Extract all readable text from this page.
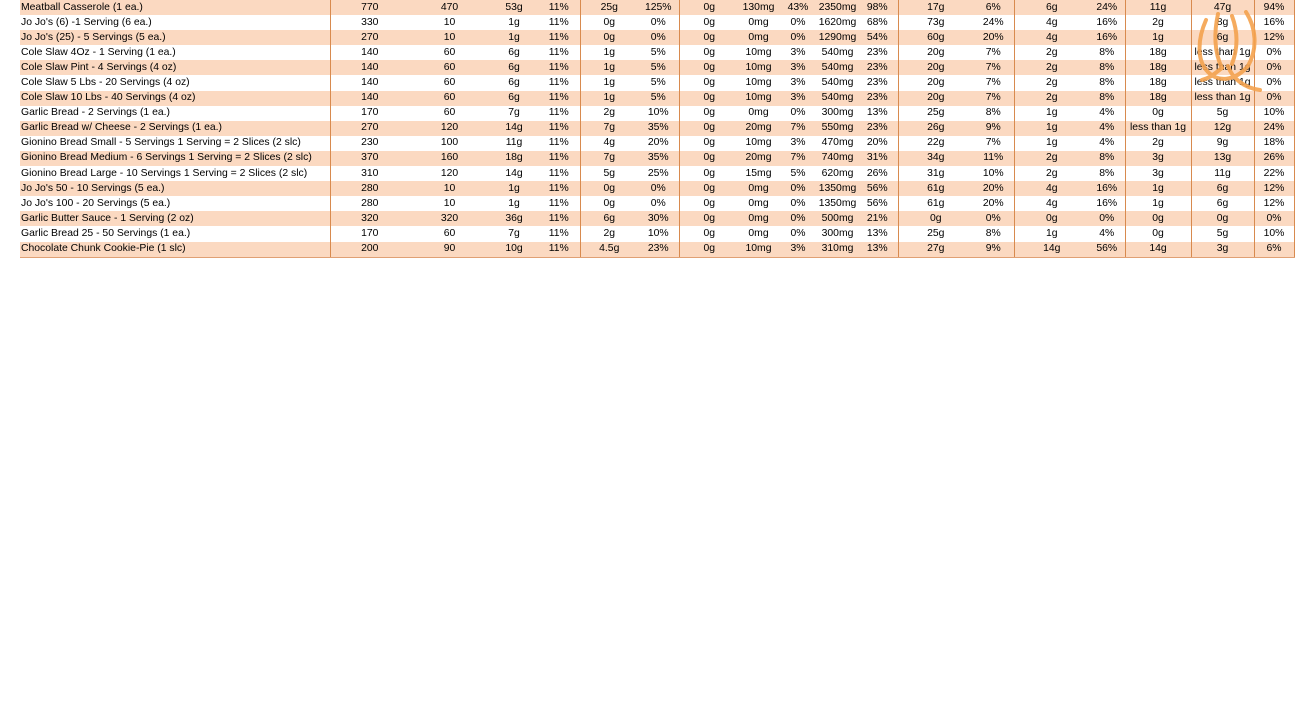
Meatball Casserole (1 ea.)	770	470	53g	11%	25g	125%	0g	130mg	43%	2350mg	98%	17g	6%	6g	24%	11g	47g	94%
Jo Jo's (6) -1 Serving (6 ea.)	330	10	1g	11%	0g	0%	0g	0mg	0%	1620mg	68%	73g	24%	4g	16%	2g	8g	16%
Jo Jo's (25) - 5 Servings (5 ea.)	270	10	1g	11%	0g	0%	0g	0mg	0%	1290mg	54%	60g	20%	4g	16%	1g	6g	12%
Cole Slaw 4Oz - 1 Serving (1 ea.)	140	60	6g	11%	1g	5%	0g	10mg	3%	540mg	23%	20g	7%	2g	8%	18g	less than 1g	0%
Cole Slaw Pint - 4 Servings (4 oz)	140	60	6g	11%	1g	5%	0g	10mg	3%	540mg	23%	20g	7%	2g	8%	18g	less than 1g	0%
Cole Slaw 5 Lbs - 20 Servings (4 oz)	140	60	6g	11%	1g	5%	0g	10mg	3%	540mg	23%	20g	7%	2g	8%	18g	less than 1g	0%
Cole Slaw 10 Lbs - 40 Servings (4 oz)	140	60	6g	11%	1g	5%	0g	10mg	3%	540mg	23%	20g	7%	2g	8%	18g	less than 1g	0%
Garlic Bread - 2 Servings (1 ea.)	170	60	7g	11%	2g	10%	0g	0mg	0%	300mg	13%	25g	8%	1g	4%	0g	5g	10%
Garlic Bread w/ Cheese - 2 Servings (1 ea.)	270	120	14g	11%	7g	35%	0g	20mg	7%	550mg	23%	26g	9%	1g	4%	less than 1g	12g	24%
Gionino Bread Small - 5 Servings 1 Serving = 2 Slices (2 slc)	230	100	11g	11%	4g	20%	0g	10mg	3%	470mg	20%	22g	7%	1g	4%	2g	9g	18%
Gionino Bread Medium - 6 Servings 1 Serving = 2 Slices (2 slc)	370	160	18g	11%	7g	35%	0g	20mg	7%	740mg	31%	34g	11%	2g	8%	3g	13g	26%
Gionino Bread Large - 10 Servings 1 Serving = 2 Slices (2 slc)	310	120	14g	11%	5g	25%	0g	15mg	5%	620mg	26%	31g	10%	2g	8%	3g	11g	22%
Jo Jo's 50 - 10 Servings (5 ea.)	280	10	1g	11%	0g	0%	0g	0mg	0%	1350mg	56%	61g	20%	4g	16%	1g	6g	12%
Jo Jo's 100 - 20 Servings (5 ea.)	280	10	1g	11%	0g	0%	0g	0mg	0%	1350mg	56%	61g	20%	4g	16%	1g	6g	12%
Garlic Butter Sauce - 1 Serving (2 oz)	320	320	36g	11%	6g	30%	0g	0mg	0%	500mg	21%	0g	0%	0g	0%	0g	0g	0%
Garlic Bread 25 - 50 Servings (1 ea.)	170	60	7g	11%	2g	10%	0g	0mg	0%	300mg	13%	25g	8%	1g	4%	0g	5g	10%
Chocolate Chunk Cookie-Pie (1 slc)	200	90	10g	11%	4.5g	23%	0g	10mg	3%	310mg	13%	27g	9%	14g	56%	14g	3g	6%
